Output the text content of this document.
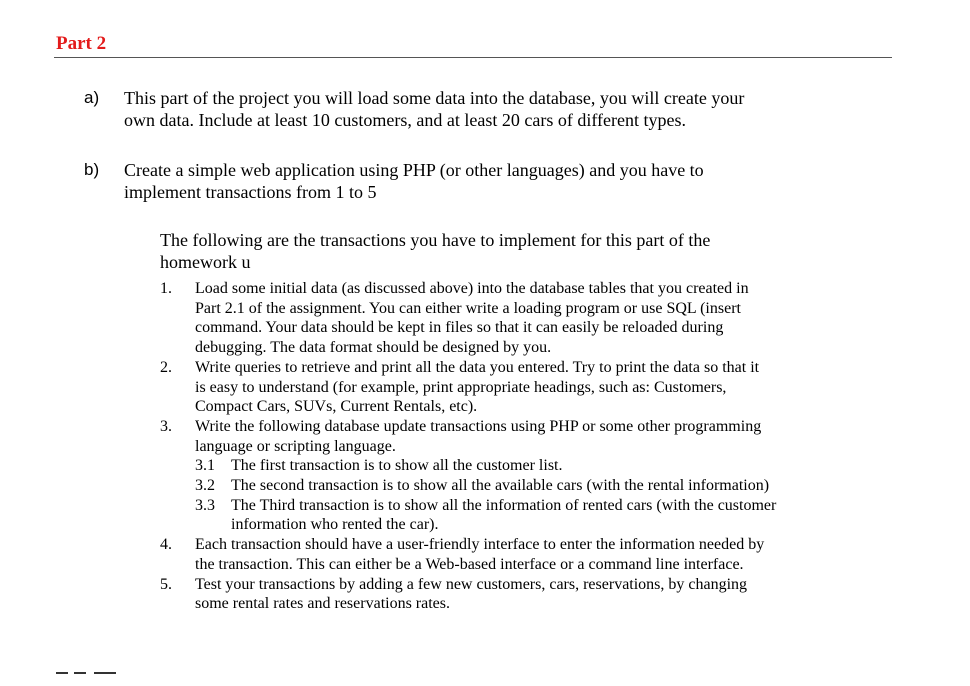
Part 2
a) This part of the project you will load some data into the database, you will create your
own data. Include at least 10 customers, and at least 20 cars of different types.
b) Create a simple web application using PHP (or other languages) and you have to
implement transactions from 1 to 5
The following are the transactions you have to implement for this part of the
homework u
1. Load some initial data (as discussed above) into the database tables that you created in
Part 2.1 of the assignment. You can either write a loading program or use SQL (insert
command. Your data should be kept in files so that it can easily be reloaded during
debugging. The data format should be designed by you.
2. Write queries to retrieve and print all the data you entered. Try to print the data so that it
is easy to understand (for example, print appropriate headings, such as: Customers,
Compact Cars, SUVs, Current Rentals, etc).
3. Write the following database update transactions using PHP or some other programming
language or scripting language.
3.1 The first transaction is to show all the customer list.
3.2 The second transaction is to show all the available cars (with the rental information)
3.3 The Third transaction is to show all the information of rented cars (with the customer
information who rented the car).
4. Each transaction should have a user-friendly interface to enter the information needed by
the transaction. This can either be a Web-based interface or a command line interface.
5. Test your transactions by adding a few new customers, cars, reservations, by changing
some rental rates and reservations rates.
